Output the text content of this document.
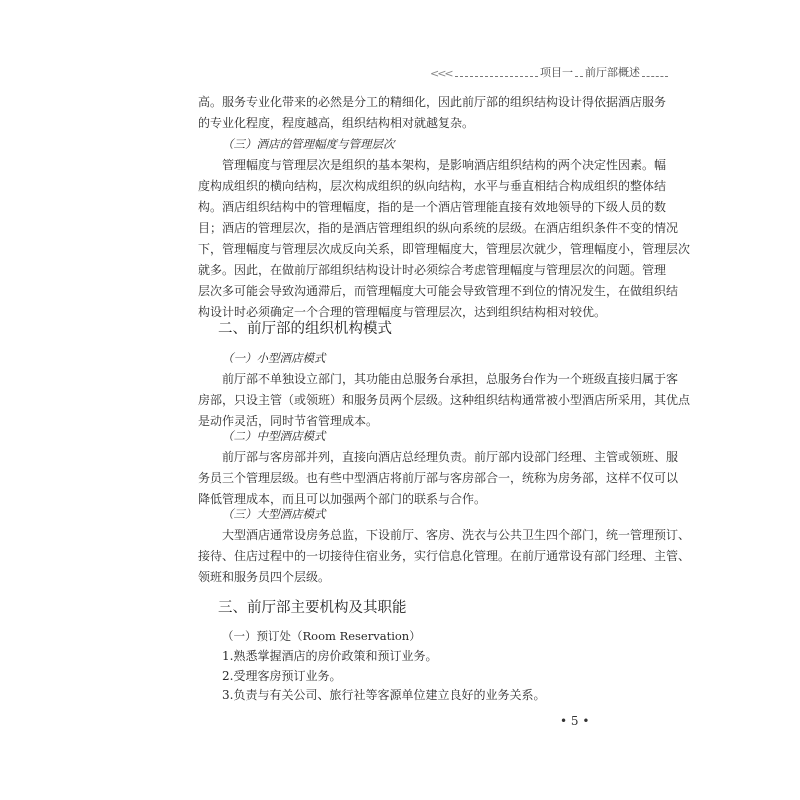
<<<	项目一 前厅部概述
高。服务专业化带来的必然是分工的精细化，因此前厅部的组织结构设计得依据酒店服务
的专业化程度，程度越高，组织结构相对就越复杂。
（三）酒店的管理幅度与管理层次
管理幅度与管理层次是组织的基本架构，是影响酒店组织结构的两个决定性因素。幅
度构成组织的横向结构，层次构成组织的纵向结构，水平与垂直相结合构成组织的整体结
构。酒店组织结构中的管理幅度，指的是一个酒店管理能直接有效地领导的下级人员的数
目；酒店的管理层次，指的是酒店管理组织的纵向系统的层级。在酒店组织条件不变的情况
下，管理幅度与管理层次成反向关系，即管理幅度大，管理层次就少，管理幅度小，管理层次
就多。因此，在做前厅部组织结构设计时必须综合考虑管理幅度与管理层次的问题。管理
层次多可能会导致沟通滞后，而管理幅度大可能会导致管理不到位的情况发生，在做组织结
构设计时必须确定一个合理的管理幅度与管理层次，达到组织结构相对较优。
二、前厅部的组织机构模式
（一）小型酒店模式
前厅部不单独设立部门，其功能由总服务台承担，总服务台作为一个班级直接归属于客
房部，只设主管（或领班）和服务员两个层级。这种组织结构通常被小型酒店所采用，其优点
是动作灵活，同时节省管理成本。
（二）中型酒店模式
前厅部与客房部并列，直接向酒店总经理负责。前厅部内设部门经理、主管或领班、服
务员三个管理层级。也有些中型酒店将前厅部与客房部合一，统称为房务部，这样不仅可以
降低管理成本，而且可以加强两个部门的联系与合作。
（三）大型酒店模式
大型酒店通常设房务总监，下设前厅、客房、洗衣与公共卫生四个部门，统一管理预订、
接待、住店过程中的一切接待住宿业务，实行信息化管理。在前厅通常设有部门经理、主管、
领班和服务员四个层级。
三、前厅部主要机构及其职能
（一）预订处（Room Reservation）
1.熟悉掌握酒店的房价政策和预订业务。
2.受理客房预订业务。
3.负责与有关公司、旅行社等客源单位建立良好的业务关系。
• 5 •
